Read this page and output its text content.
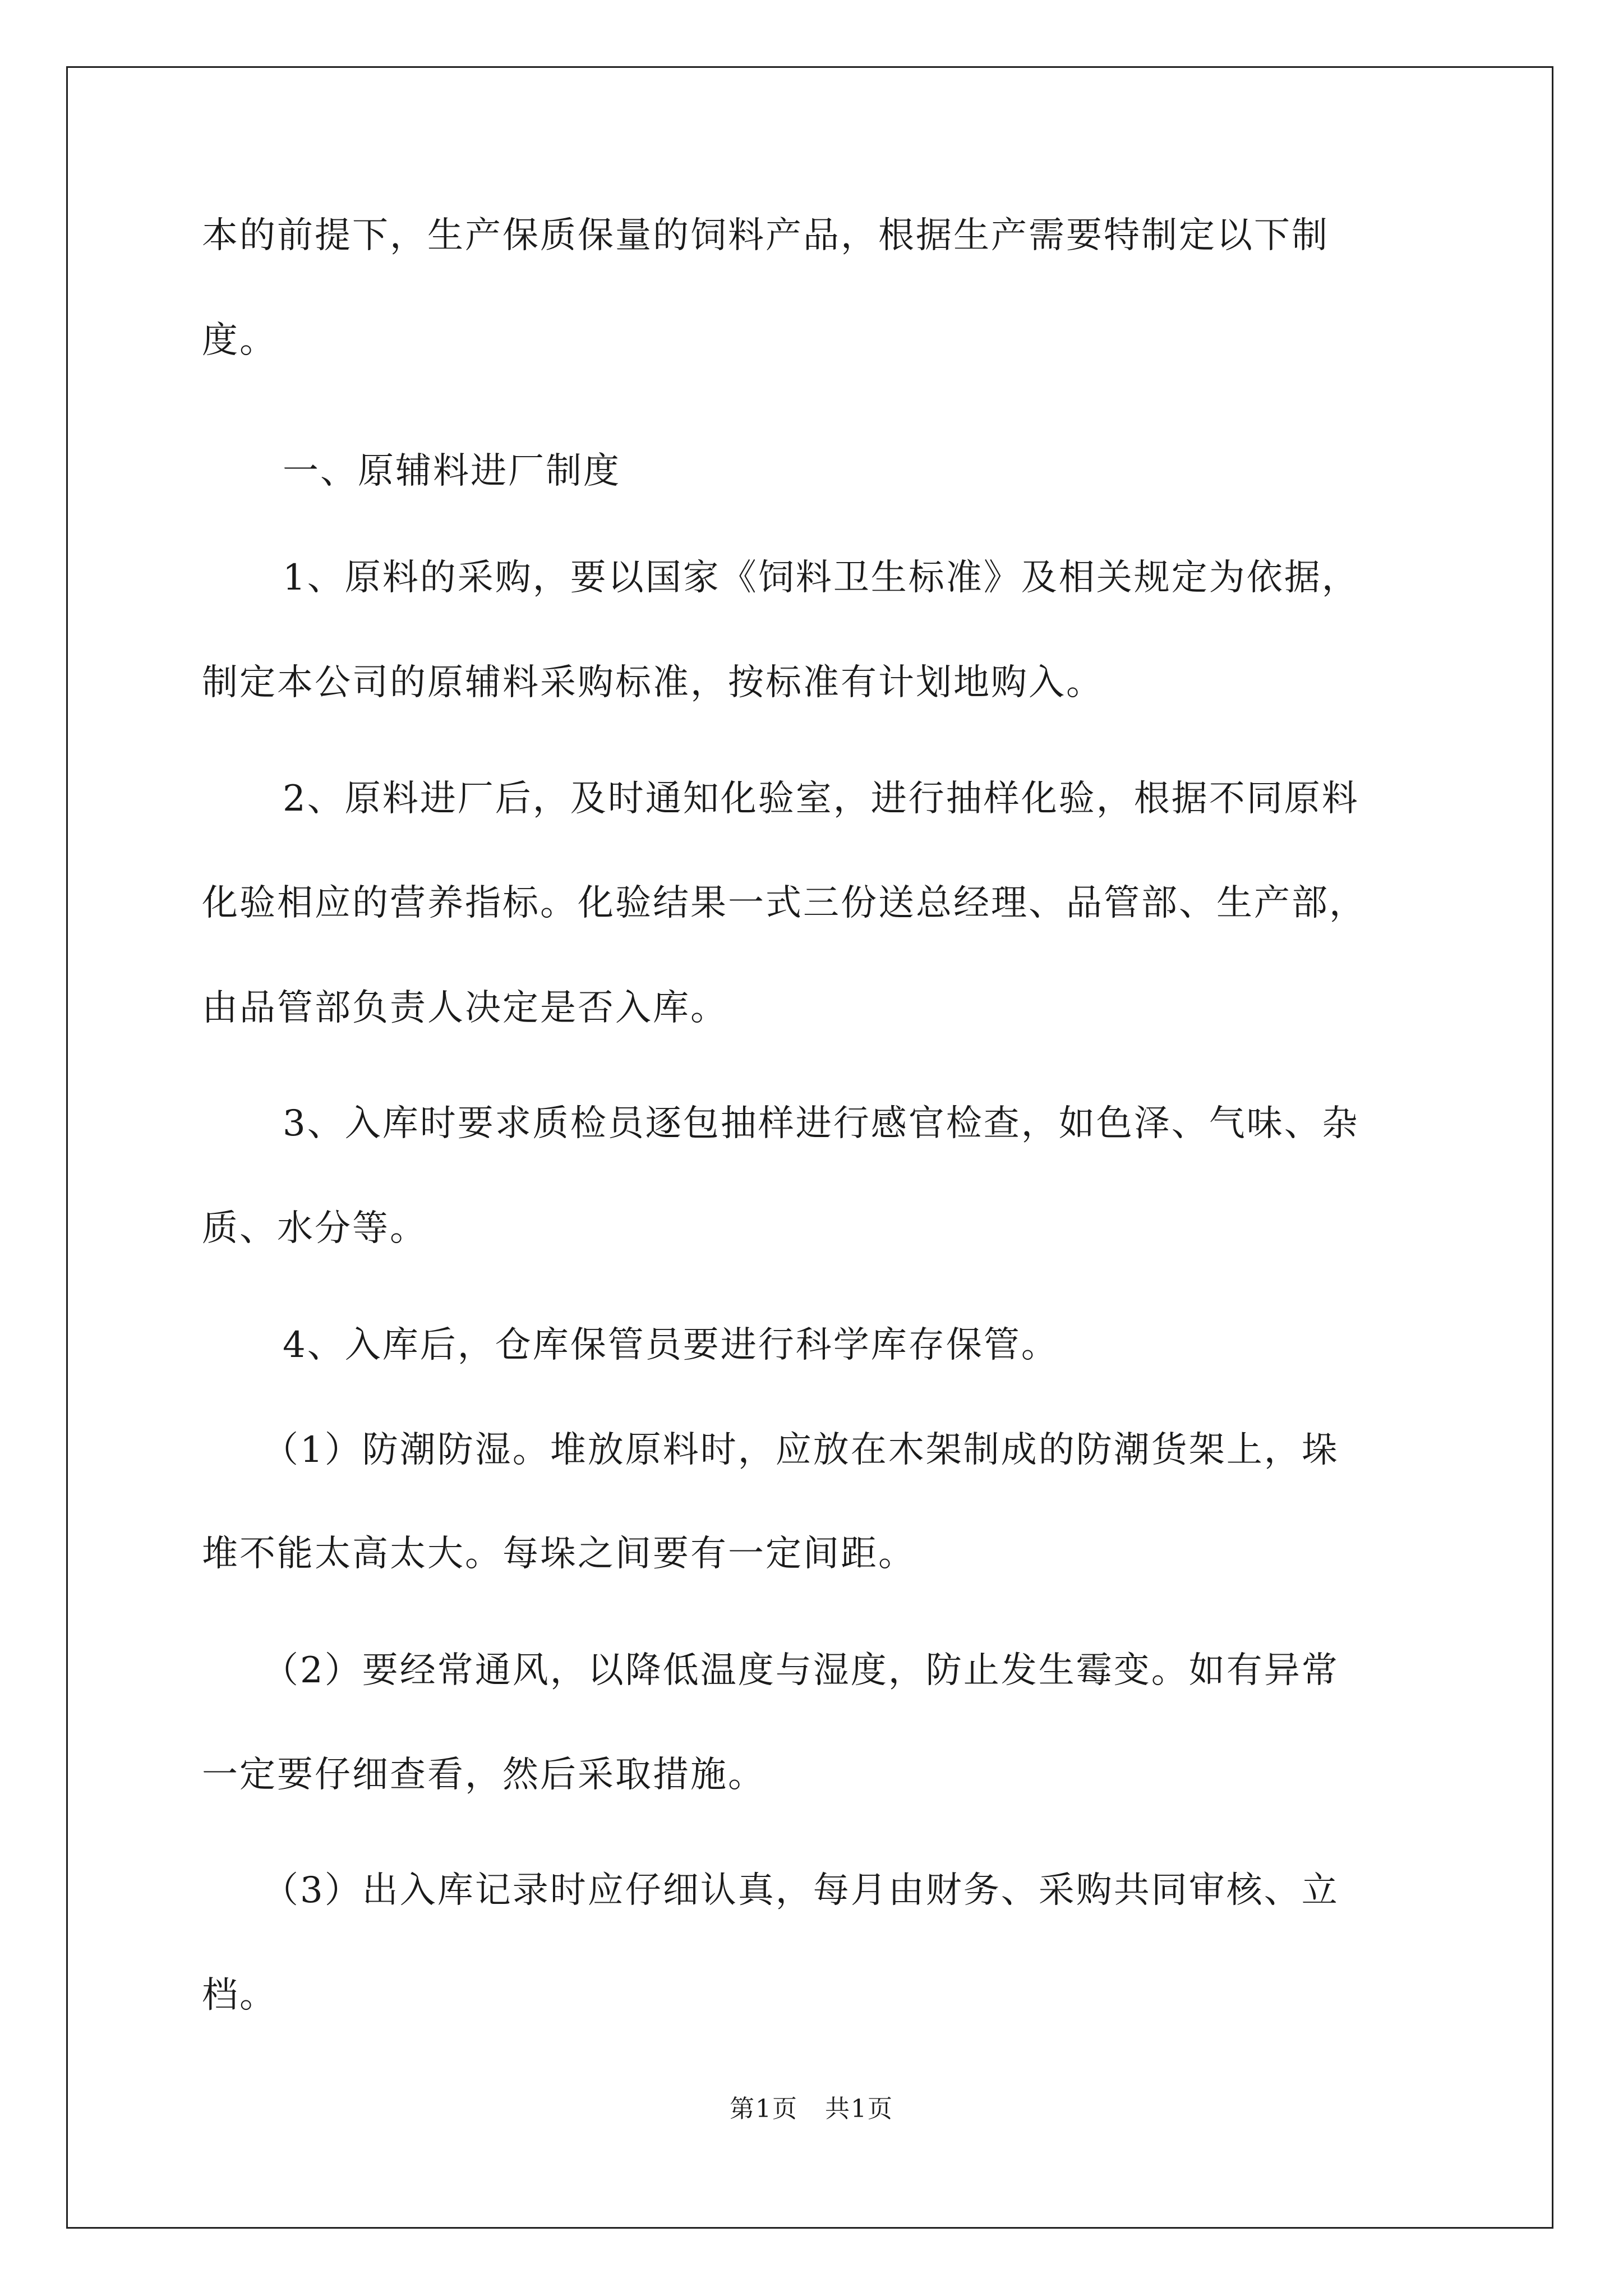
本的前提下，生产保质保量的饲料产品，根据生产需要特制定以下制
度。
一、原辅料进厂制度
1、原料的采购，要以国家《饲料卫生标准》及相关规定为依据，
制定本公司的原辅料采购标准，按标准有计划地购入。
2、原料进厂后，及时通知化验室，进行抽样化验，根据不同原料
化验相应的营养指标。化验结果一式三份送总经理、品管部、生产部，
由品管部负责人决定是否入库。
3、入库时要求质检员逐包抽样进行感官检查，如色泽、气味、杂
质、水分等。
4、入库后，仓库保管员要进行科学库存保管。
（1）防潮防湿。堆放原料时，应放在木架制成的防潮货架上，垛
堆不能太高太大。每垛之间要有一定间距。
（2）要经常通风，以降低温度与湿度，防止发生霉变。如有异常
一定要仔细查看，然后采取措施。
（3）出入库记录时应仔细认真，每月由财务、采购共同审核、立
档。
第1页 共1页
